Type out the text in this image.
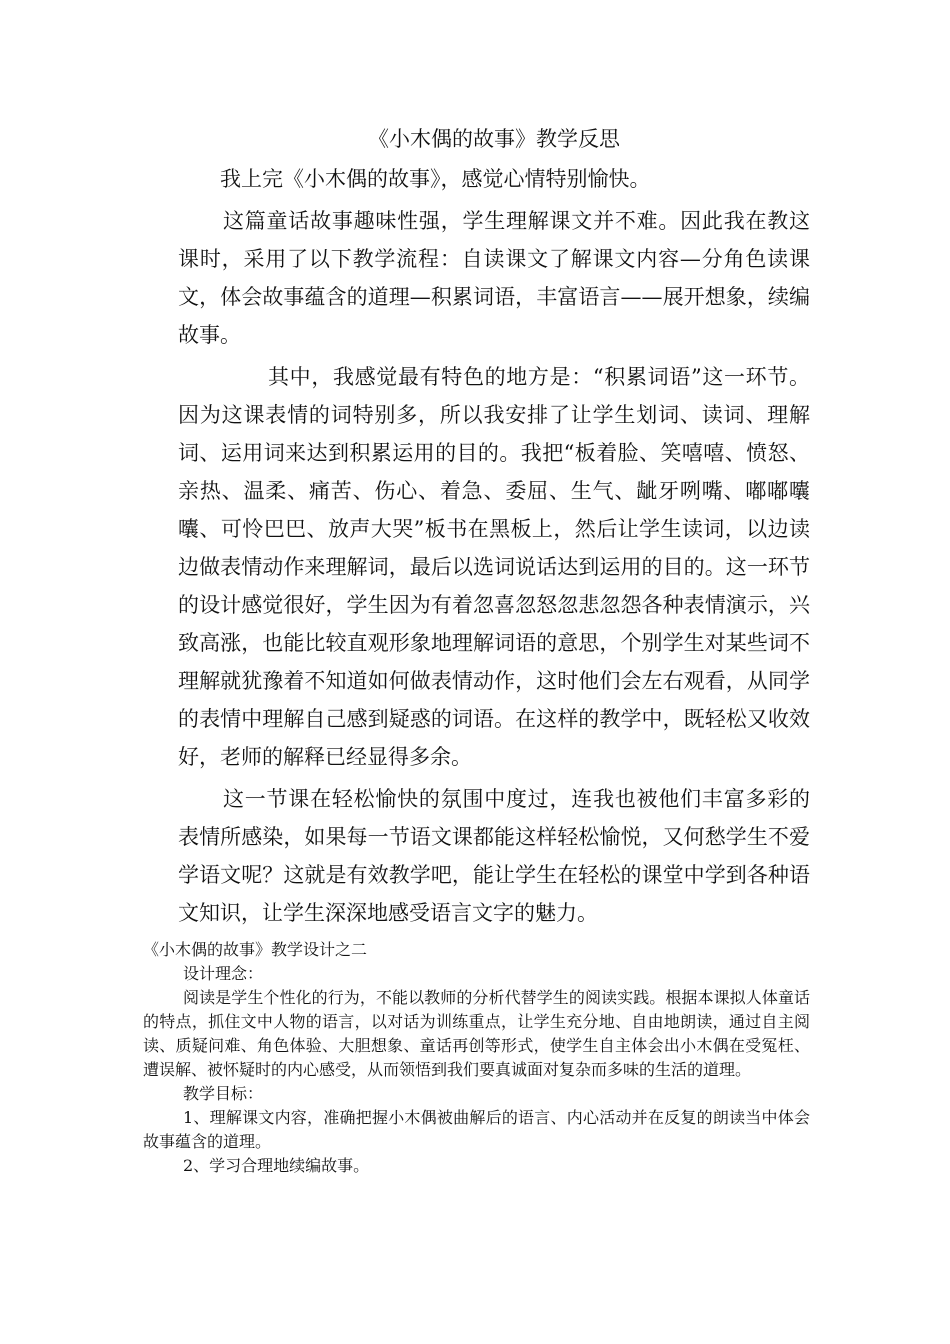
《小木偶的故事》教学反思

我上完《小木偶的故事》，感觉心情特别愉快。

这篇童话故事趣味性强，学生理解课文并不难。因此我在教这课时，采用了以下教学流程：自读课文了解课文内容—分角色读课文，体会故事蕴含的道理—积累词语，丰富语言——展开想象，续编故事。

其中，我感觉最有特色的地方是：“积累词语”这一环节。因为这课表情的词特别多，所以我安排了让学生划词、读词、理解词、运用词来达到积累运用的目的。我把“板着脸、笑嘻嘻、愤怒、亲热、温柔、痛苦、伤心、着急、委屈、生气、龇牙咧嘴、嘟嘟囔囔、可怜巴巴、放声大哭”板书在黑板上，然后让学生读词，以边读边做表情动作来理解词，最后以选词说话达到运用的目的。这一环节的设计感觉很好，学生因为有着忽喜忽怒忽悲忽怨各种表情演示，兴致高涨，也能比较直观形象地理解词语的意思，个别学生对某些词不理解就犹豫着不知道如何做表情动作，这时他们会左右观看，从同学的表情中理解自己感到疑惑的词语。在这样的教学中，既轻松又收效好，老师的解释已经显得多余。

这一节课在轻松愉快的氛围中度过，连我也被他们丰富多彩的表情所感染，如果每一节语文课都能这样轻松愉悦，又何愁学生不爱学语文呢？这就是有效教学吧，能让学生在轻松的课堂中学到各种语文知识，让学生深深地感受语言文字的魅力。

《小木偶的故事》教学设计之二

设计理念：

阅读是学生个性化的行为，不能以教师的分析代替学生的阅读实践。根据本课拟人体童话的特点，抓住文中人物的语言，以对话为训练重点，让学生充分地、自由地朗读，通过自主阅读、质疑问难、角色体验、大胆想象、童话再创等形式，使学生自主体会出小木偶在受冤枉、遭误解、被怀疑时的内心感受，从而领悟到我们要真诚面对复杂而多味的生活的道理。

教学目标：

1、理解课文内容，准确把握小木偶被曲解后的语言、内心活动并在反复的朗读当中体会故事蕴含的道理。

2、学习合理地续编故事。
